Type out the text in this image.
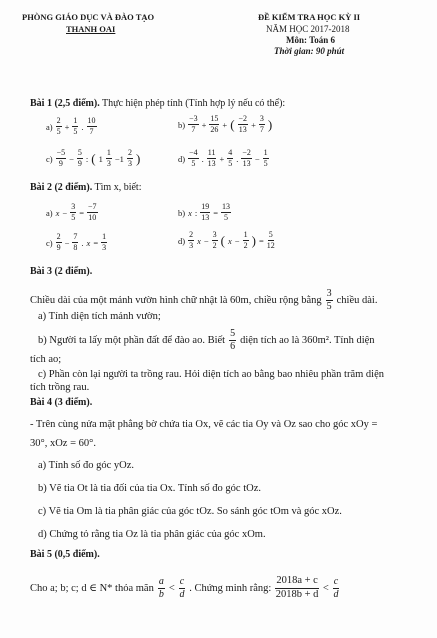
PHÒNG GIÁO DỤC VÀ ĐÀO TẠO
THANH OAI
ĐỀ KIỂM TRA HỌC KỲ II
NĂM HỌC 2017-2018
Môn: Toán 6
Thời gian: 90 phút
Bài 1 (2,5 điểm). Thực hiện phép tính (Tính hợp lý nếu có thể):
$a) \frac{2}{5} + \frac{1}{5}$ . $\frac{10}{7}$	$b) \frac{-3}{7} + \frac{15}{26}$ + ( $\frac{-2}{13} + \frac{3}{7}$ )
$c) \frac{-5}{9} - \frac{5}{9}$ : ( $1 \frac{1}{3} -1 \frac{2}{3}$ )	$d) \frac{-4}{5}$ . $\frac{11}{13} + \frac{4}{5}$ . $\frac{-2}{13} - \frac{1}{5}$
Bài 2 (2 điểm). Tìm x, biết:
a) $x - \frac{3}{5} = \frac{-7}{10}$	b) x : $\frac{19}{13} = \frac{13}{5}$
$c) \frac{2}{9} - \frac{7}{8}$ . $x = \frac{1}{3}$	$d) \frac{2}{3}$ $x - \frac{3}{2}$ ( $x - \frac{1}{2}$ ) = $\frac{5}{12}$
Bài 3 (2 điểm).
Chiều dài của một mảnh vườn hình chữ nhật là 60m, chiều rộng bằng $\frac{3}{5}$ chiều dài.
a) Tính diện tích mảnh vườn;
b) Người ta lấy một phần đất để đào ao. Biết $\frac{5}{6}$ diện tích ao là 360m². Tính diện
tích ao;
c) Phần còn lại người ta trồng rau. Hỏi diện tích ao bằng bao nhiêu phần trăm diện
tích trồng rau.
Bài 4 (3 điểm).
- Trên cùng nửa mặt phẳng bờ chứa tia Ox, vẽ các tia Oy và Oz sao cho góc xOy =
30°, xOz = 60°.
a) Tính số đo góc yOz.
b) Vẽ tia Ot là tia đối của tia Ox. Tính số đo góc tOz.
c) Vẽ tia Om là tia phân giác của góc tOz. So sánh góc tOm và góc xOz.
d) Chứng tỏ rằng tia Oz là tia phân giác của góc xOm.
Bài 5 (0,5 điểm).
Cho a; b; c; d ∈ N* thỏa mãn $\frac{a}{b} < \frac{c}{d}$ . Chứng minh rằng: $\frac{2018a + c}{2018b + d} < \frac{c}{d}$
